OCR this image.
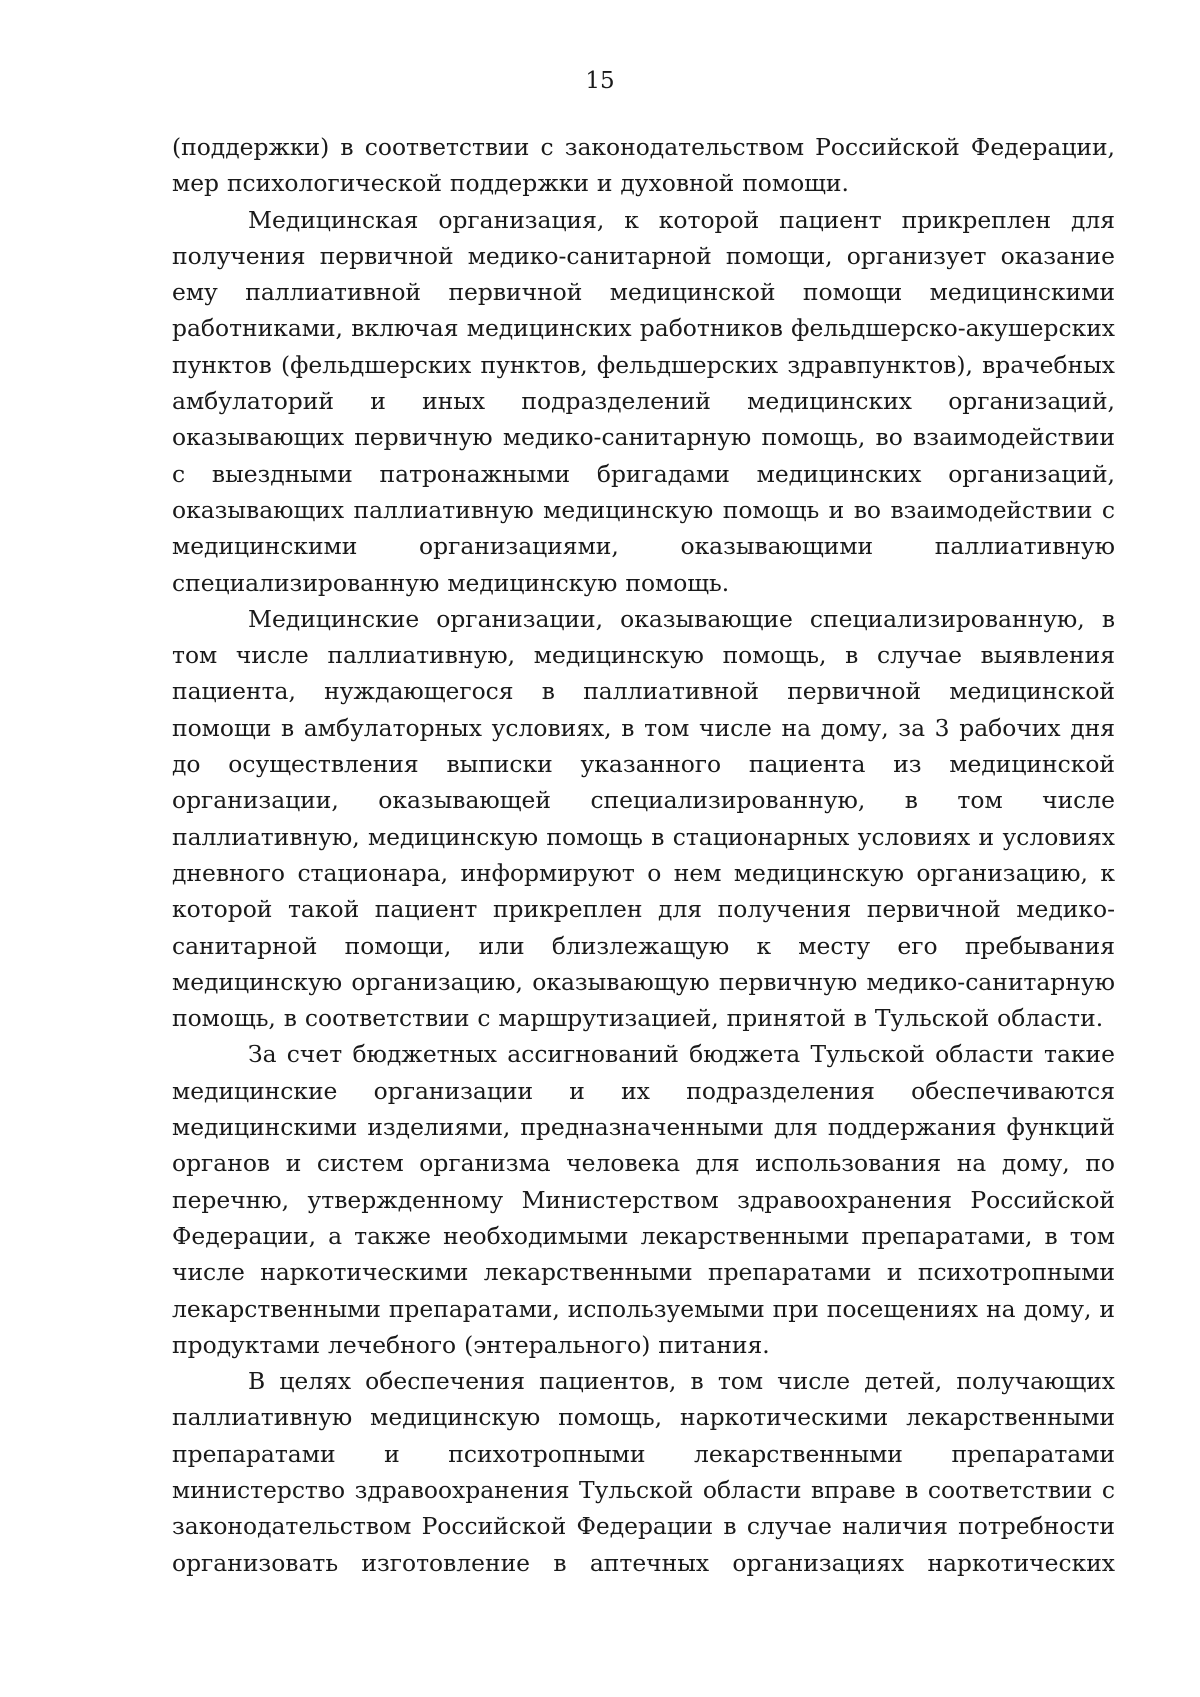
15

(поддержки) в соответствии с законодательством Российской Федерации, мер психологической поддержки и духовной помощи.

Медицинская организация, к которой пациент прикреплен для получения первичной медико-санитарной помощи, организует оказание ему паллиативной первичной медицинской помощи медицинскими работниками, включая медицинских работников фельдшерско-акушерских пунктов (фельдшерских пунктов, фельдшерских здравпунктов), врачебных амбулаторий и иных подразделений медицинских организаций, оказывающих первичную медико-санитарную помощь, во взаимодействии с выездными патронажными бригадами медицинских организаций, оказывающих паллиативную медицинскую помощь и во взаимодействии с медицинскими организациями, оказывающими паллиативную специализированную медицинскую помощь.

Медицинские организации, оказывающие специализированную, в том числе паллиативную, медицинскую помощь, в случае выявления пациента, нуждающегося в паллиативной первичной медицинской помощи в амбулаторных условиях, в том числе на дому, за 3 рабочих дня до осуществления выписки указанного пациента из медицинской организации, оказывающей специализированную, в том числе паллиативную, медицинскую помощь в стационарных условиях и условиях дневного стационара, информируют о нем медицинскую организацию, к которой такой пациент прикреплен для получения первичной медико-санитарной помощи, или близлежащую к месту его пребывания медицинскую организацию, оказывающую первичную медико-санитарную помощь, в соответствии с маршрутизацией, принятой в Тульской области.

За счет бюджетных ассигнований бюджета Тульской области такие медицинские организации и их подразделения обеспечиваются медицинскими изделиями, предназначенными для поддержания функций органов и систем организма человека для использования на дому, по перечню, утвержденному Министерством здравоохранения Российской Федерации, а также необходимыми лекарственными препаратами, в том числе наркотическими лекарственными препаратами и психотропными лекарственными препаратами, используемыми при посещениях на дому, и продуктами лечебного (энтерального) питания.

В целях обеспечения пациентов, в том числе детей, получающих паллиативную медицинскую помощь, наркотическими лекарственными препаратами и психотропными лекарственными препаратами министерство здравоохранения Тульской области вправе в соответствии с законодательством Российской Федерации в случае наличия потребности организовать изготовление в аптечных организациях наркотических
